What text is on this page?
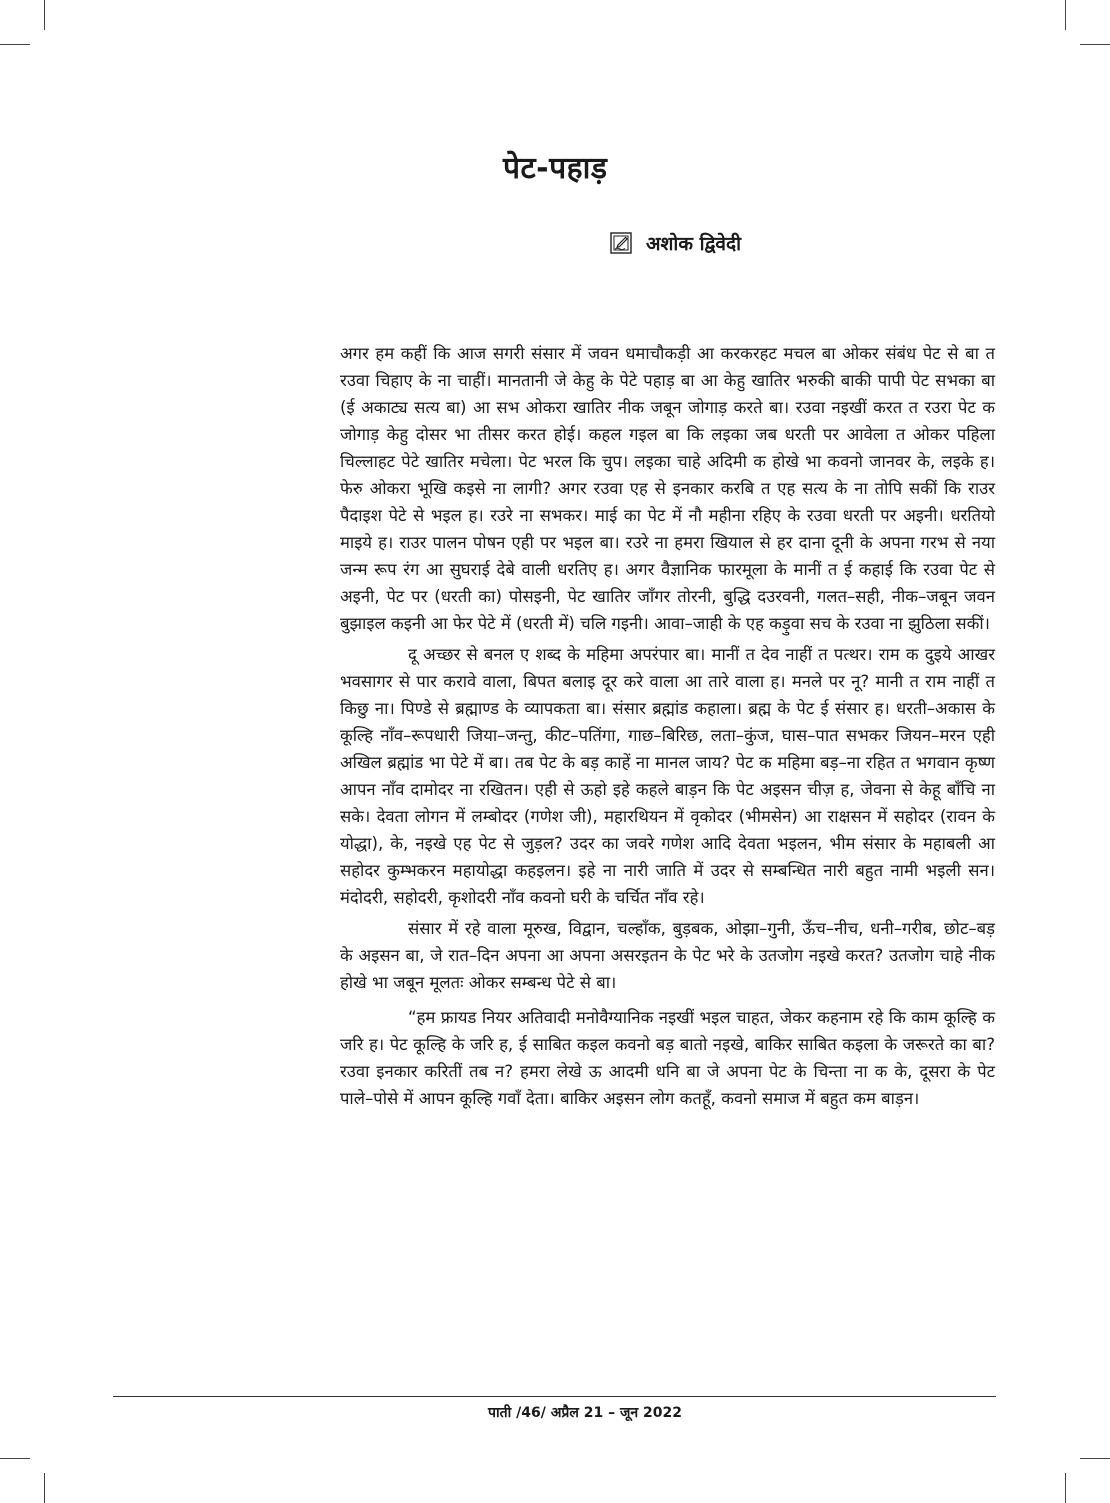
पेट-पहाड़
अशोक द्विवेदी

अगर हम कहीं कि आज सगरी संसार में जवन धमाचौकड़ी आ करकरहट मचल बा ओकर संबंध पेट से बा त रउवा चिहाए के ना चाहीं। मानतानी जे केहु के पेटे पहाड़ बा आ केहु खातिर भरुकी बाकी पापी पेट सभका बा (ई अकाट्य सत्य बा) आ सभ ओकरा खातिर नीक जबून जोगाड़ करते बा। रउवा नइखीं करत त रउरा पेट क जोगाड़ केहु दोसर भा तीसर करत होई। कहल गइल बा कि लइका जब धरती पर आवेला त ओकर पहिला चिल्लाहट पेटे खातिर मचेला। पेट भरल कि चुप। लइका चाहे अदिमी क होखे भा कवनो जानवर के, लइके ह। फेरु ओकरा भूखि कइसे ना लागी? अगर रउवा एह से इनकार करबि त एह सत्य के ना तोपि सकीं कि राउर पैदाइश पेटे से भइल ह। रउरे ना सभकर। माई का पेट में नौ महीना रहिए के रउवा धरती पर अइनी। धरतियो माइये ह। राउर पालन पोषन एही पर भइल बा। रउरे ना हमरा खियाल से हर दाना दूनी के अपना गरभ से नया जन्म रूप रंग आ सुघराई देबे वाली धरतिए ह। अगर वैज्ञानिक फारमूला के मानीं त ई कहाई कि रउवा पेट से अइनी, पेट पर (धरती का) पोसइनी, पेट खातिर जाँगर तोरनी, बुद्धि दउरवनी, गलत–सही, नीक–जबून जवन बुझाइल कइनी आ फेर पेटे में (धरती में) चलि गइनी। आवा–जाही के एह कड़ुवा सच के रउवा ना झुठिला सकीं।

दू अच्छर से बनल ए शब्द के महिमा अपरंपार बा। मानीं त देव नाहीं त पत्थर। राम क दुइये आखर भवसागर से पार करावे वाला, बिपत बलाइ दूर करे वाला आ तारे वाला ह। मनले पर नू? मानी त राम नाहीं त किछु ना। पिण्डे से ब्रह्माण्ड के व्यापकता बा। संसार ब्रह्मांड कहाला। ब्रह्म के पेट ई संसार ह। धरती–अकास के कूल्हि नाँव–रूपधारी जिया–जन्तु, कीट–पतिंगा, गाछ–बिरिछ, लता–कुंज, घास–पात सभकर जियन–मरन एही अखिल ब्रह्मांड भा पेटे में बा। तब पेट के बड़ काहें ना मानल जाय? पेट क महिमा बड़–ना रहित त भगवान कृष्ण आपन नाँव दामोदर ना रखितन। एही से ऊहो इहे कहले बाड़न कि पेट अइसन चीज़ ह, जेवना से केहू बाँचि ना सके। देवता लोगन में लम्बोदर (गणेश जी), महारथियन में वृकोदर (भीमसेन) आ राक्षसन में सहोदर (रावन के योद्धा), के, नइखे एह पेट से जुड़ल? उदर का जवरे गणेश आदि देवता भइलन, भीम संसार के महाबली आ सहोदर कुम्भकरन महायोद्धा कहइलन। इहे ना नारी जाति में उदर से सम्बन्धित नारी बहुत नामी भइली सन। मंदोदरी, सहोदरी, कृशोदरी नाँव कवनो घरी के चर्चित नाँव रहे।

संसार में रहे वाला मूरुख, विद्वान, चल्हाँक, बुड़बक, ओझा–गुनी, ऊँच–नीच, धनी–गरीब, छोट–बड़ के अइसन बा, जे रात–दिन अपना आ अपना असरइतन के पेट भरे के उतजोग नइखे करत? उतजोग चाहे नीक होखे भा जबून मूलतः ओकर सम्बन्ध पेटे से बा।

“हम फ्रायड नियर अतिवादी मनोवैग्यानिक नइखीं भइल चाहत, जेकर कहनाम रहे कि काम कूल्हि क जरि ह। पेट कूल्हि के जरि ह, ई साबित कइल कवनो बड़ बातो नइखे, बाकिर साबित कइला के जरूरते का बा? रउवा इनकार करितीं तब न? हमरा लेखे ऊ आदमी धनि बा जे अपना पेट के चिन्ता ना क के, दूसरा के पेट पाले–पोसे में आपन कूल्हि गवाँ देता। बाकिर अइसन लोग कतहूँ, कवनो समाज में बहुत कम बाड़न।

पाती /46/ अप्रैल 21 – जून 2022
